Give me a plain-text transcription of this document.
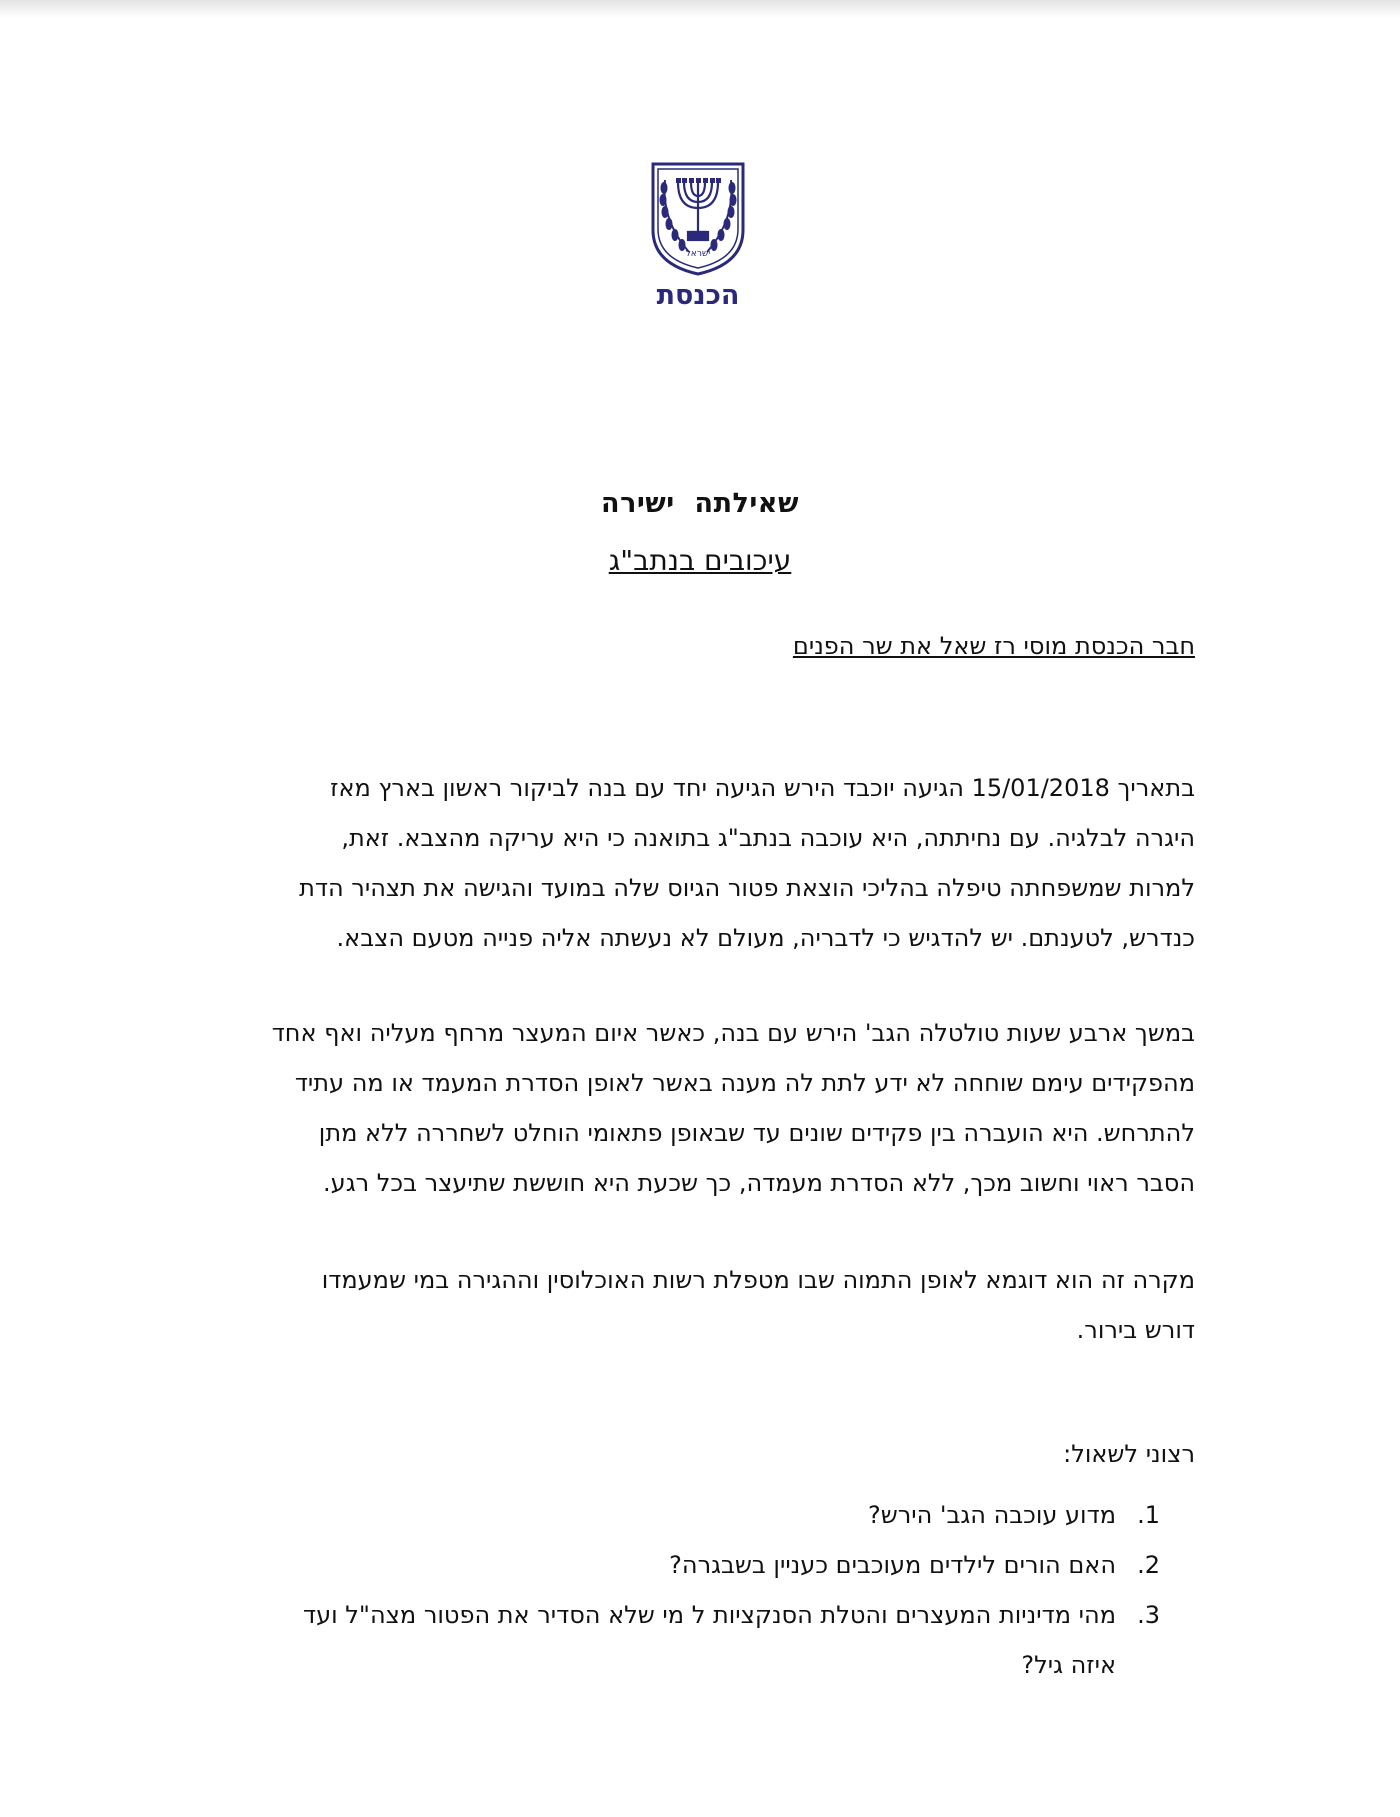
ישראל
הכנסת
שאילתה  ישירה
עיכובים בנתב"ג
חבר הכנסת מוסי רז שאל את שר הפנים
בתאריך 15/01/2018 הגיעה יוכבד הירש הגיעה יחד עם בנה לביקור ראשון בארץ מאז
היגרה לבלגיה. עם נחיתתה, היא עוכבה בנתב"ג בתואנה כי היא עריקה מהצבא. זאת,
למרות שמשפחתה טיפלה בהליכי הוצאת פטור הגיוס שלה במועד והגישה את תצהיר הדת
כנדרש, לטענתם. יש להדגיש כי לדבריה, מעולם לא נעשתה אליה פנייה מטעם הצבא.
במשך ארבע שעות טולטלה הגב' הירש עם בנה, כאשר איום המעצר מרחף מעליה ואף אחד
מהפקידים עימם שוחחה לא ידע לתת לה מענה באשר לאופן הסדרת המעמד או מה עתיד
להתרחש. היא הועברה בין פקידים שונים עד שבאופן פתאומי הוחלט לשחררה ללא מתן
הסבר ראוי וחשוב מכך, ללא הסדרת מעמדה, כך שכעת היא חוששת שתיעצר בכל רגע.
מקרה זה הוא דוגמא לאופן התמוה שבו מטפלת רשות האוכלוסין וההגירה במי שמעמדו
דורש בירור.
רצוני לשאול:
1.
מדוע עוכבה הגב' הירש?
2.
האם הורים לילדים מעוכבים כעניין בשבגרה?
3.
מהי מדיניות המעצרים והטלת הסנקציות ל מי שלא הסדיר את הפטור מצה"ל ועד
איזה גיל?
